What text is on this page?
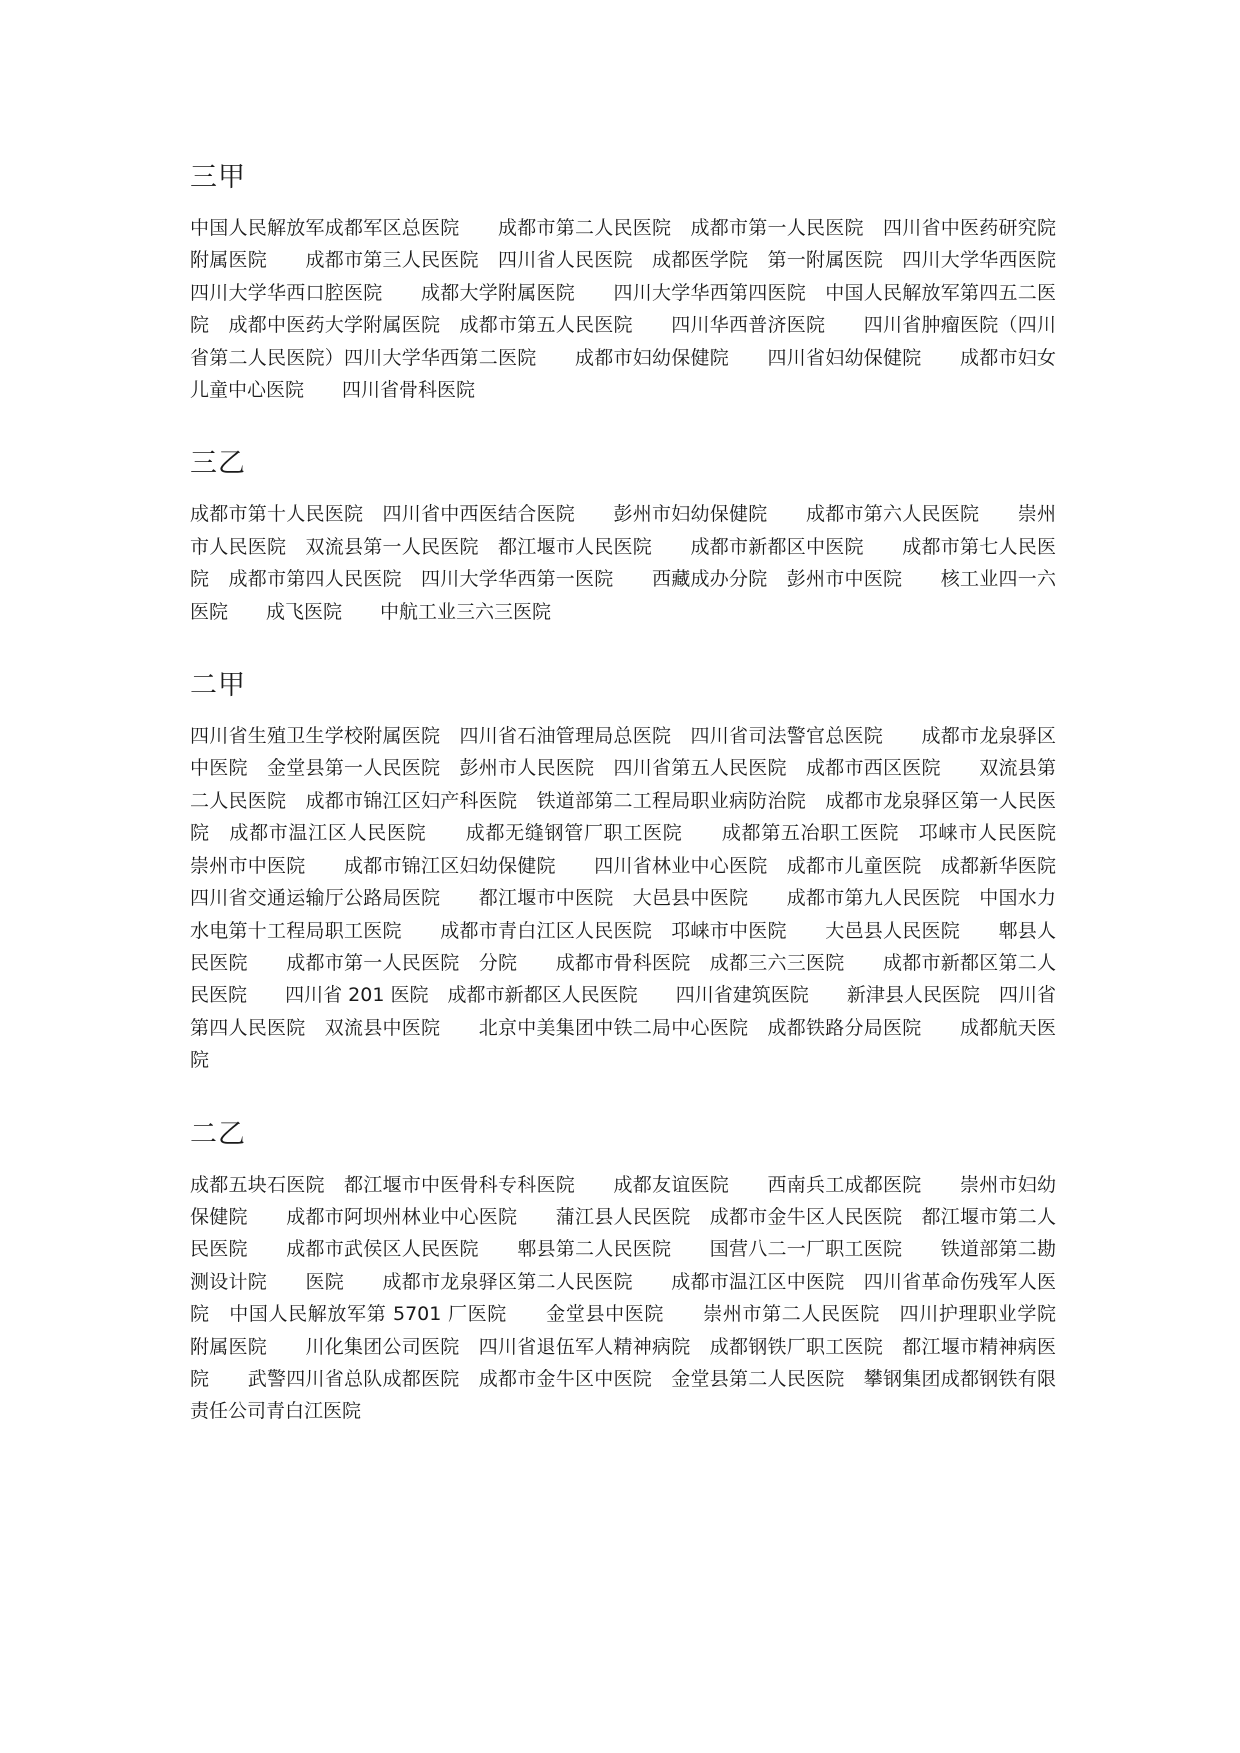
三甲

中国人民解放军成都军区总医院　　成都市第二人民医院　成都市第一人民医院　四川省中医药研究院　　附属医院　　成都市第三人民医院　四川省人民医院　成都医学院　第一附属医院　四川大学华西医院　　四川大学华西口腔医院　　成都大学附属医院　　四川大学华西第四医院　中国人民解放军第四五二医院　成都中医药大学附属医院　成都市第五人民医院　　四川华西普济医院　　四川省肿瘤医院（四川省第二人民医院）四川大学华西第二医院　　成都市妇幼保健院　　四川省妇幼保健院　　成都市妇女儿童中心医院　　四川省骨科医院

三乙

成都市第十人民医院　四川省中西医结合医院　　彭州市妇幼保健院　　成都市第六人民医院　　崇州市人民医院　双流县第一人民医院　都江堰市人民医院　　成都市新都区中医院　　成都市第七人民医院　成都市第四人民医院　四川大学华西第一医院　　西藏成办分院　彭州市中医院　　核工业四一六医院　　成飞医院　　中航工业三六三医院

二甲

四川省生殖卫生学校附属医院　四川省石油管理局总医院　四川省司法警官总医院　　成都市龙泉驿区中医院　金堂县第一人民医院　彭州市人民医院　四川省第五人民医院　成都市西区医院　　双流县第二人民医院　成都市锦江区妇产科医院　铁道部第二工程局职业病防治院　成都市龙泉驿区第一人民医院　成都市温江区人民医院　　成都无缝钢管厂职工医院　　成都第五冶职工医院　邛崃市人民医院　崇州市中医院　　成都市锦江区妇幼保健院　　四川省林业中心医院　成都市儿童医院　成都新华医院　　四川省交通运输厅公路局医院　　都江堰市中医院　大邑县中医院　　成都市第九人民医院　中国水力水电第十工程局职工医院　　成都市青白江区人民医院　邛崃市中医院　　大邑县人民医院　　郫县人民医院　　成都市第一人民医院　分院　　成都市骨科医院　成都三六三医院　　成都市新都区第二人民医院　　四川省 201 医院　成都市新都区人民医院　　四川省建筑医院　　新津县人民医院　四川省第四人民医院　双流县中医院　　北京中美集团中铁二局中心医院　成都铁路分局医院　　成都航天医院

二乙

成都五块石医院　都江堰市中医骨科专科医院　　成都友谊医院　　西南兵工成都医院　　崇州市妇幼保健院　　成都市阿坝州林业中心医院　　蒲江县人民医院　成都市金牛区人民医院　都江堰市第二人民医院　　成都市武侯区人民医院　　郫县第二人民医院　　国营八二一厂职工医院　　铁道部第二勘测设计院　　医院　　成都市龙泉驿区第二人民医院　　成都市温江区中医院　四川省革命伤残军人医院　中国人民解放军第 5701 厂医院　　金堂县中医院　　崇州市第二人民医院　四川护理职业学院　　附属医院　　川化集团公司医院　四川省退伍军人精神病院　成都钢铁厂职工医院　都江堰市精神病医院　　武警四川省总队成都医院　成都市金牛区中医院　金堂县第二人民医院　攀钢集团成都钢铁有限责任公司青白江医院
